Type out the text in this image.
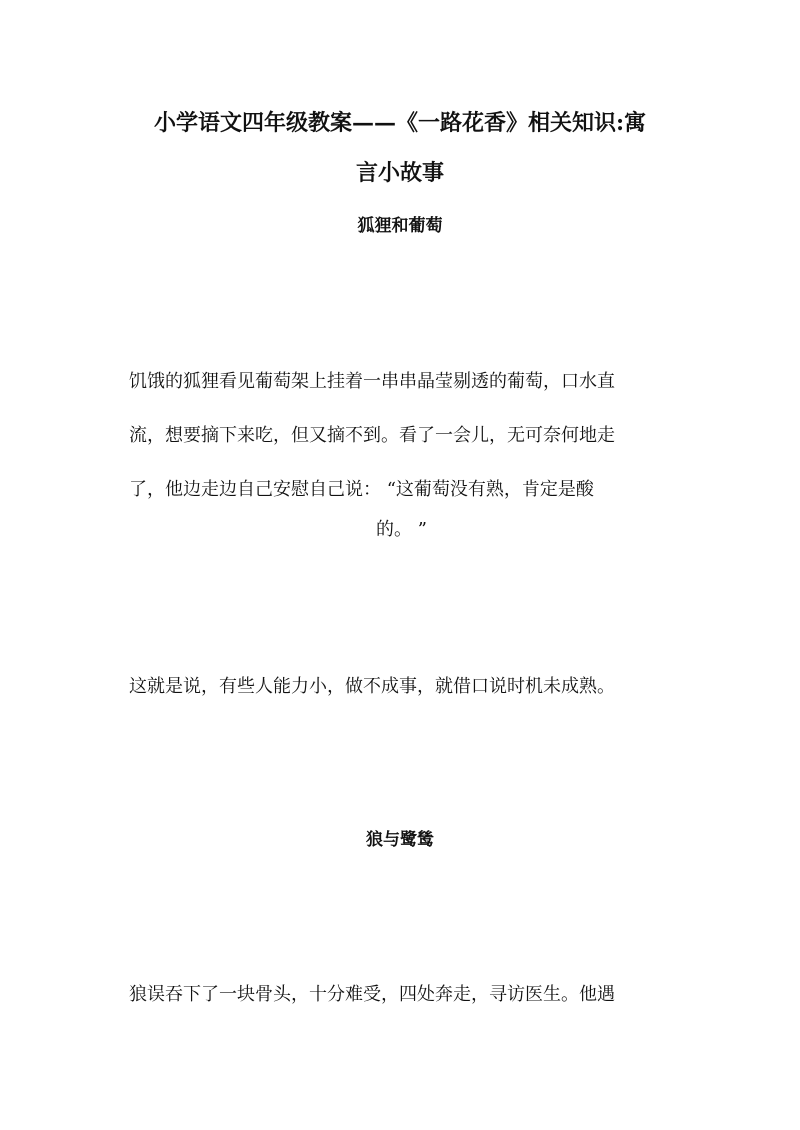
小学语文四年级教案——《一路花香》相关知识:寓
言小故事
狐狸和葡萄

饥饿的狐狸看见葡萄架上挂着一串串晶莹剔透的葡萄，口水直

流，想要摘下来吃，但又摘不到。看了一会儿，无可奈何地走

了，他边走边自己安慰自己说： “这葡萄没有熟，肯定是酸

的。 ”

这就是说，有些人能力小，做不成事，就借口说时机未成熟。

狼与鹭鸶

狼误吞下了一块骨头，十分难受，四处奔走，寻访医生。他遇
